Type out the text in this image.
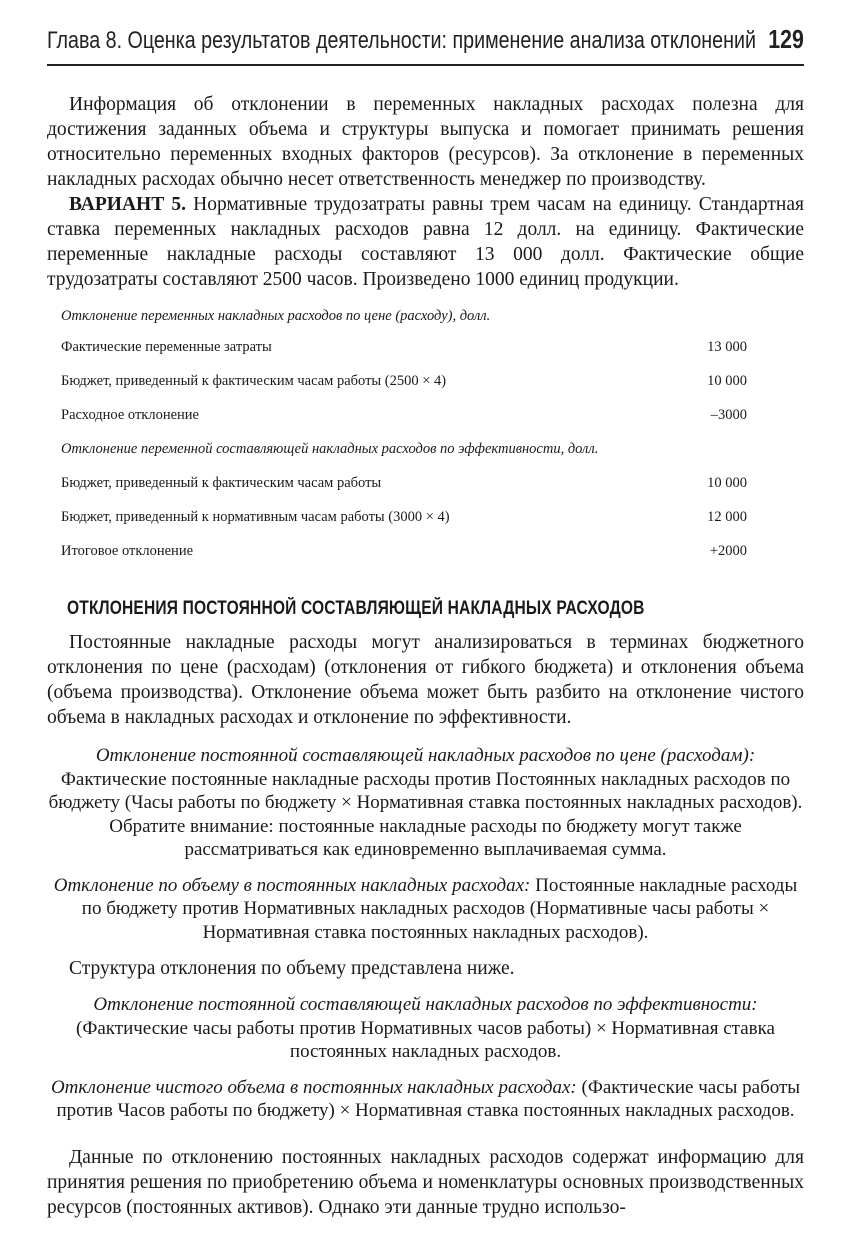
Глава 8. Оценка результатов деятельности: применение анализа отклонений 129

Информация об отклонении в переменных накладных расходах полезна для достижения заданных объема и структуры выпуска и помогает принимать решения относительно переменных входных факторов (ресурсов). За отклонение в переменных накладных расходах обычно несет ответственность менеджер по производству.

ВАРИАНТ 5. Нормативные трудозатраты равны трем часам на единицу. Стандартная ставка переменных накладных расходов равна 12 долл. на единицу. Фактические переменные накладные расходы составляют 13 000 долл. Фактические общие трудозатраты составляют 2500 часов. Произведено 1000 единиц продукции.

Отклонение переменных накладных расходов по цене (расходу), долл.
Фактические переменные затраты	13 000
Бюджет, приведенный к фактическим часам работы (2500 × 4)	10 000
Расходное отклонение	–3000
Отклонение переменной составляющей накладных расходов по эффективности, долл.
Бюджет, приведенный к фактическим часам работы	10 000
Бюджет, приведенный к нормативным часам работы (3000 × 4)	12 000
Итоговое отклонение	+2000
ОТКЛОНЕНИЯ ПОСТОЯННОЙ СОСТАВЛЯЮЩЕЙ НАКЛАДНЫХ РАСХОДОВ

Постоянные накладные расходы могут анализироваться в терминах бюджетного отклонения по цене (расходам) (отклонения от гибкого бюджета) и отклонения объема (объема производства). Отклонение объема может быть разбито на отклонение чистого объема в накладных расходах и отклонение по эффективности.

Отклонение постоянной составляющей накладных расходов по цене (расходам): Фактические постоянные накладные расходы против Постоянных накладных расходов по бюджету (Часы работы по бюджету × Нормативная ставка постоянных накладных расходов). Обратите внимание: постоянные накладные расходы по бюджету могут также рассматриваться как единовременно выплачиваемая сумма.

Отклонение по объему в постоянных накладных расходах: Постоянные накладные расходы по бюджету против Нормативных накладных расходов (Нормативные часы работы × Нормативная ставка постоянных накладных расходов).

Структура отклонения по объему представлена ниже.

Отклонение постоянной составляющей накладных расходов по эффективности: (Фактические часы работы против Нормативных часов работы) × Нормативная ставка постоянных накладных расходов.

Отклонение чистого объема в постоянных накладных расходах: (Фактические часы работы против Часов работы по бюджету) × Нормативная ставка постоянных накладных расходов.

Данные по отклонению постоянных накладных расходов содержат информацию для принятия решения по приобретению объема и номенклатуры основных производственных ресурсов (постоянных активов). Однако эти данные трудно использо-
